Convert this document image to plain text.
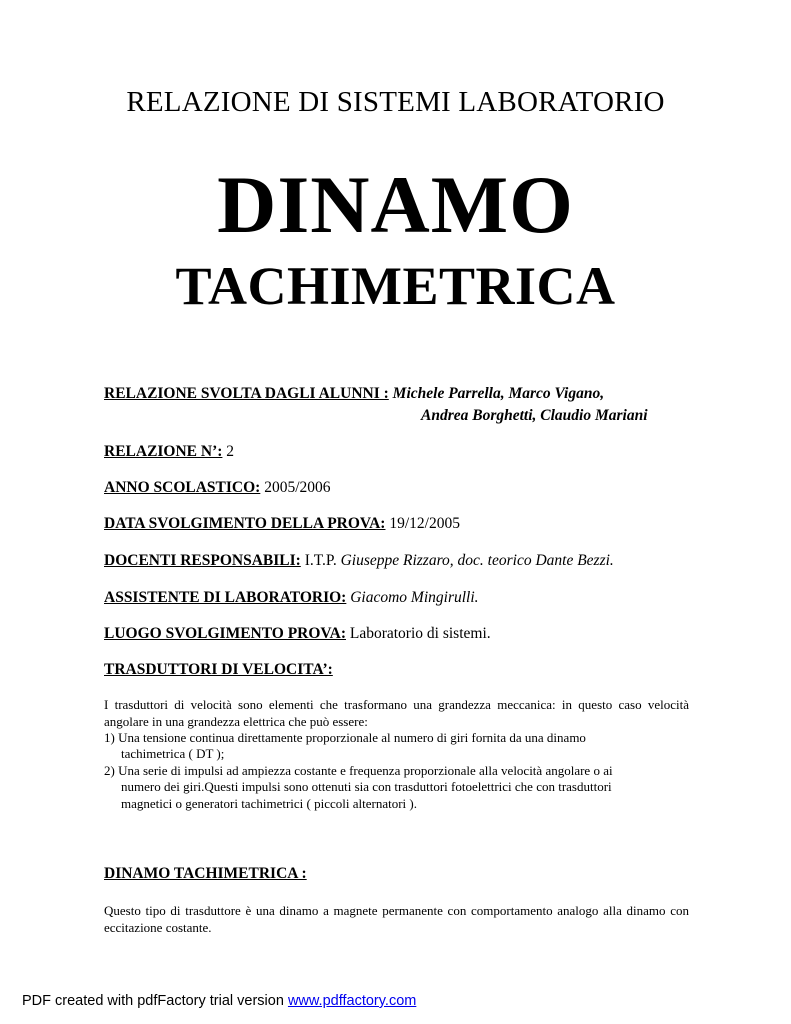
RELAZIONE DI SISTEMI LABORATORIO
DINAMO
TACHIMETRICA
RELAZIONE SVOLTA DAGLI ALUNNI : Michele Parrella, Marco Vigano,
Andrea Borghetti, Claudio Mariani
RELAZIONE N’: 2
ANNO SCOLASTICO: 2005/2006
DATA SVOLGIMENTO DELLA PROVA: 19/12/2005
DOCENTI RESPONSABILI: I.T.P. Giuseppe Rizzaro, doc. teorico Dante Bezzi.
ASSISTENTE DI LABORATORIO: Giacomo Mingirulli.
LUOGO SVOLGIMENTO PROVA: Laboratorio di sistemi.
TRASDUTTORI DI VELOCITA’:
I trasduttori di velocità sono elementi che trasformano una grandezza meccanica: in questo caso velocità angolare in una grandezza elettrica che può essere:
1) Una tensione continua direttamente proporzionale al numero di giri fornita da una dinamo
tachimetrica ( DT );
2) Una serie di impulsi ad ampiezza costante e frequenza proporzionale alla velocità angolare o ai
numero dei giri.Questi impulsi sono ottenuti sia con trasduttori fotoelettrici che con trasduttori
magnetici o generatori tachimetrici ( piccoli alternatori ).
DINAMO TACHIMETRICA :
Questo tipo di trasduttore è una dinamo a magnete permanente con comportamento analogo alla dinamo con eccitazione costante.
PDF created with pdfFactory trial version www.pdffactory.com
